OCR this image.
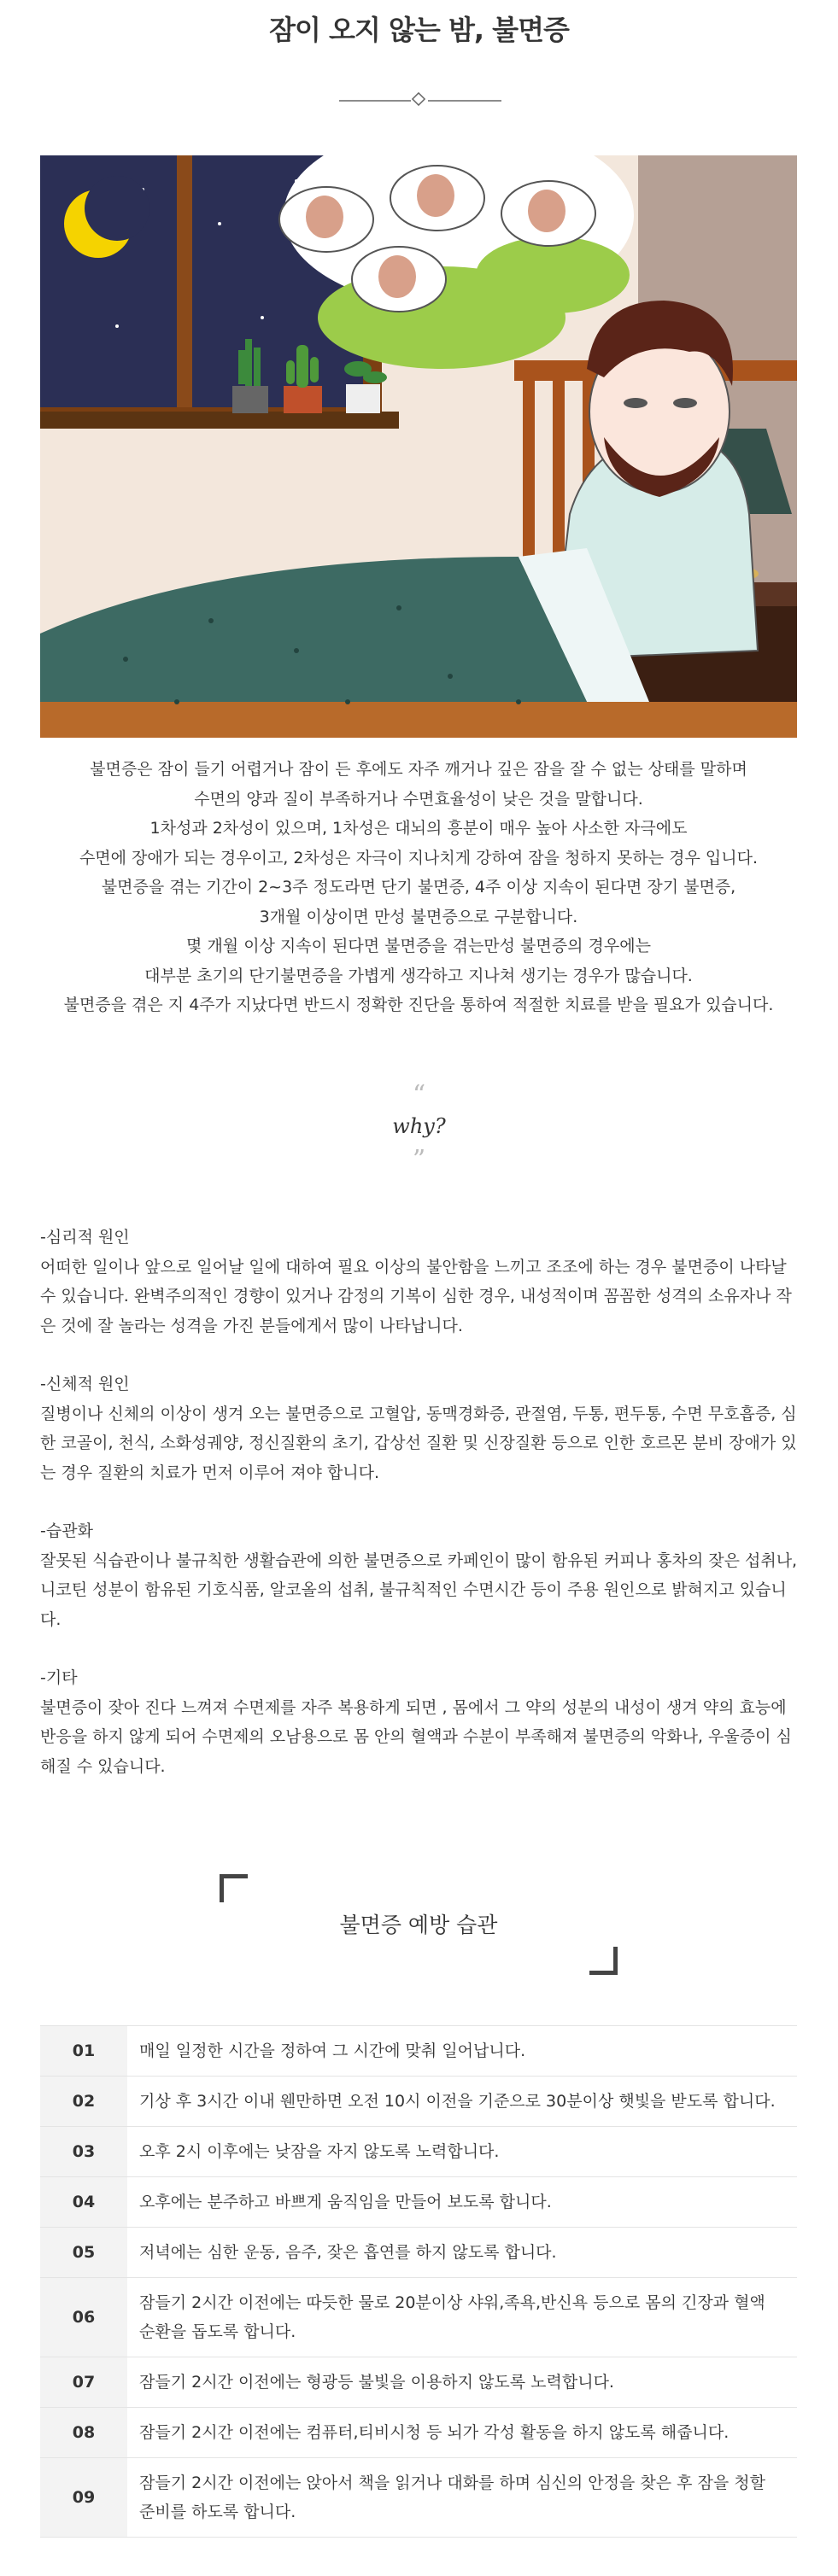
잠이 오지 않는 밤, 불면증

불면증은 잠이 들기 어렵거나 잠이 든 후에도 자주 깨거나 깊은 잠을 잘 수 없는 상태를 말하며

수면의 양과 질이 부족하거나 수면효율성이 낮은 것을 말합니다.

1차성과 2차성이 있으며, 1차성은 대뇌의 흥분이 매우 높아 사소한 자극에도

수면에 장애가 되는 경우이고, 2차성은 자극이 지나치게 강하여 잠을 청하지 못하는 경우 입니다.

불면증을 겪는 기간이 2~3주 정도라면 단기 불면증, 4주 이상 지속이 된다면 장기 불면증,

3개월 이상이면 만성 불면증으로 구분합니다.

몇 개월 이상 지속이 된다면 불면증을 겪는만성 불면증의 경우에는

대부분 초기의 단기불면증을 가볍게 생각하고 지나쳐 생기는 경우가 많습니다.

불면증을 겪은 지 4주가 지났다면 반드시 정확한 진단을 통하여 적절한 치료를 받을 필요가 있습니다.

“
why?
”
-심리적 원인
어떠한 일이나 앞으로 일어날 일에 대하여 필요 이상의 불안함을 느끼고 조조에 하는 경우 불면증이 나타날 수 있습니다. 완벽주의적인 경향이 있거나 감정의 기복이 심한 경우, 내성적이며 꼼꼼한 성격의 소유자나 작은 것에 잘 놀라는 성격을 가진 분들에게서 많이 나타납니다.
-신체적 원인
질병이나 신체의 이상이 생겨 오는 불면증으로 고혈압, 동맥경화증, 관절염, 두통, 편두통, 수면 무호흡증, 심한 코골이, 천식, 소화성궤양, 정신질환의 초기, 갑상선 질환 및 신장질환 등으로 인한 호르몬 분비 장애가 있는 경우 질환의 치료가 먼저 이루어 져야 합니다.
-습관화
잘못된 식습관이나 불규칙한 생활습관에 의한 불면증으로 카페인이 많이 함유된 커피나 홍차의 잦은 섭취나, 니코틴 성분이 함유된 기호식품, 알코올의 섭취, 불규칙적인 수면시간 등이 주용 원인으로 밝혀지고 있습니다.
-기타
불면증이 잦아 진다 느껴져 수면제를 자주 복용하게 되면 , 몸에서 그 약의 성분의 내성이 생겨 약의 효능에 반응을 하지 않게 되어 수면제의 오남용으로 몸 안의 혈액과 수분이 부족해져 불면증의 악화나, 우울증이 심해질 수 있습니다.
불면증 예방 습관
01	매일 일정한 시간을 정하여 그 시간에 맞춰 일어납니다.
02	기상 후 3시간 이내 웬만하면 오전 10시 이전을 기준으로 30분이상 햇빛을 받도록 합니다.
03	오후 2시 이후에는 낮잠을 자지 않도록 노력합니다.
04	오후에는 분주하고 바쁘게 움직임을 만들어 보도록 합니다.
05	저녁에는 심한 운동, 음주, 잦은 흡연를 하지 않도록 합니다.
06	잠들기 2시간 이전에는 따듯한 물로 20분이상 샤워,족욕,반신욕 등으로 몸의 긴장과 혈액순환을 돕도록 합니다.
07	잠들기 2시간 이전에는 형광등 불빛을 이용하지 않도록 노력합니다.
08	잠들기 2시간 이전에는 컴퓨터,티비시청 등 뇌가 각성 활동을 하지 않도록 해줍니다.
09	잠들기 2시간 이전에는 앉아서 책을 읽거나 대화를 하며 심신의 안정을 찾은 후 잠을 청할 준비를 하도록 합니다.
